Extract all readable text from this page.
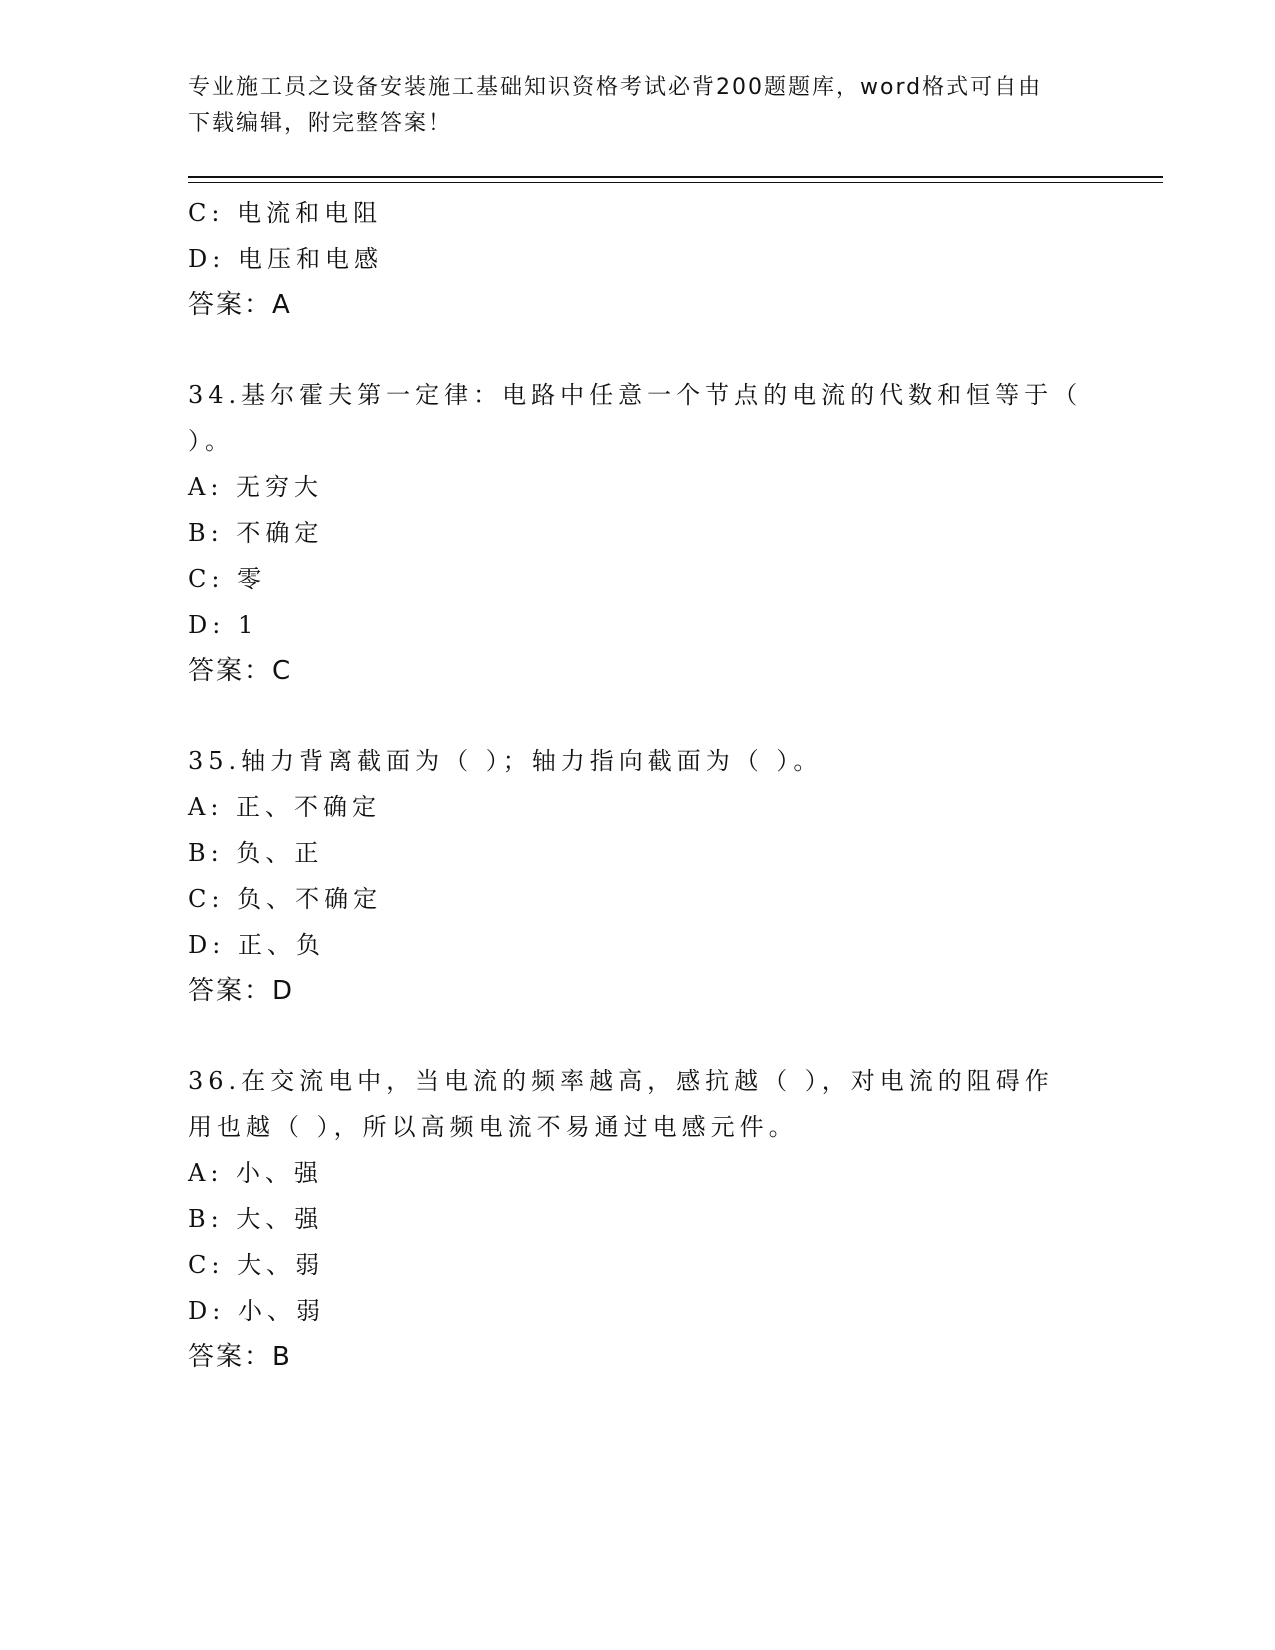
专业施工员之设备安装施工基础知识资格考试必背200题题库，word格式可自由
下载编辑，附完整答案！
C: 电流和电阻
D: 电压和电感
答案：A
34.基尔霍夫第一定律：电路中任意一个节点的电流的代数和恒等于（
）。
A: 无穷大
B: 不确定
C: 零
D: 1
答案：C
35.轴力背离截面为（ ）；轴力指向截面为（ ）。
A: 正、不确定
B: 负、正
C: 负、不确定
D: 正、负
答案：D
36.在交流电中，当电流的频率越高，感抗越（ ），对电流的阻碍作
用也越（ ），所以高频电流不易通过电感元件。
A: 小、强
B: 大、强
C: 大、弱
D: 小、弱
答案：B
